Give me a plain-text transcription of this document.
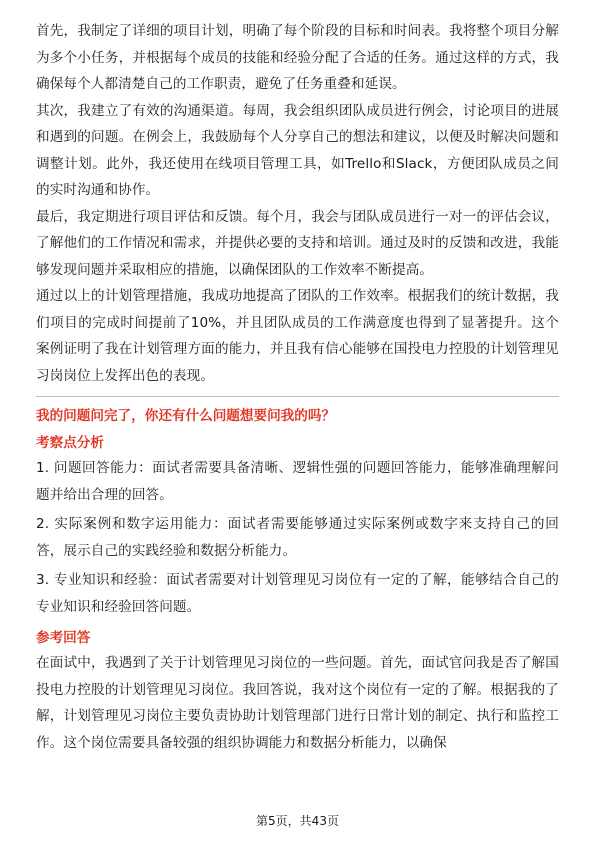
首先，我制定了详细的项目计划，明确了每个阶段的目标和时间表。我将整个项目分解为多个小任务，并根据每个成员的技能和经验分配了合适的任务。通过这样的方式，我确保每个人都清楚自己的工作职责，避免了任务重叠和延误。

其次，我建立了有效的沟通渠道。每周，我会组织团队成员进行例会，讨论项目的进展和遇到的问题。在例会上，我鼓励每个人分享自己的想法和建议，以便及时解决问题和调整计划。此外，我还使用在线项目管理工具，如Trello和Slack，方便团队成员之间的实时沟通和协作。

最后，我定期进行项目评估和反馈。每个月，我会与团队成员进行一对一的评估会议，了解他们的工作情况和需求，并提供必要的支持和培训。通过及时的反馈和改进，我能够发现问题并采取相应的措施，以确保团队的工作效率不断提高。

通过以上的计划管理措施，我成功地提高了团队的工作效率。根据我们的统计数据，我们项目的完成时间提前了10%，并且团队成员的工作满意度也得到了显著提升。这个案例证明了我在计划管理方面的能力，并且我有信心能够在国投电力控股的计划管理见习岗岗位上发挥出色的表现。

我的问题问完了，你还有什么问题想要问我的吗？
考察点分析

1. 问题回答能力：面试者需要具备清晰、逻辑性强的问题回答能力，能够准确理解问题并给出合理的回答。

2. 实际案例和数字运用能力：面试者需要能够通过实际案例或数字来支持自己的回答，展示自己的实践经验和数据分析能力。

3. 专业知识和经验：面试者需要对计划管理见习岗位有一定的了解，能够结合自己的专业知识和经验回答问题。

参考回答

在面试中，我遇到了关于计划管理见习岗位的一些问题。首先，面试官问我是否了解国投电力控股的计划管理见习岗位。我回答说，我对这个岗位有一定的了解。根据我的了解，计划管理见习岗位主要负责协助计划管理部门进行日常计划的制定、执行和监控工作。这个岗位需要具备较强的组织协调能力和数据分析能力，以确保

第5页，共43页
